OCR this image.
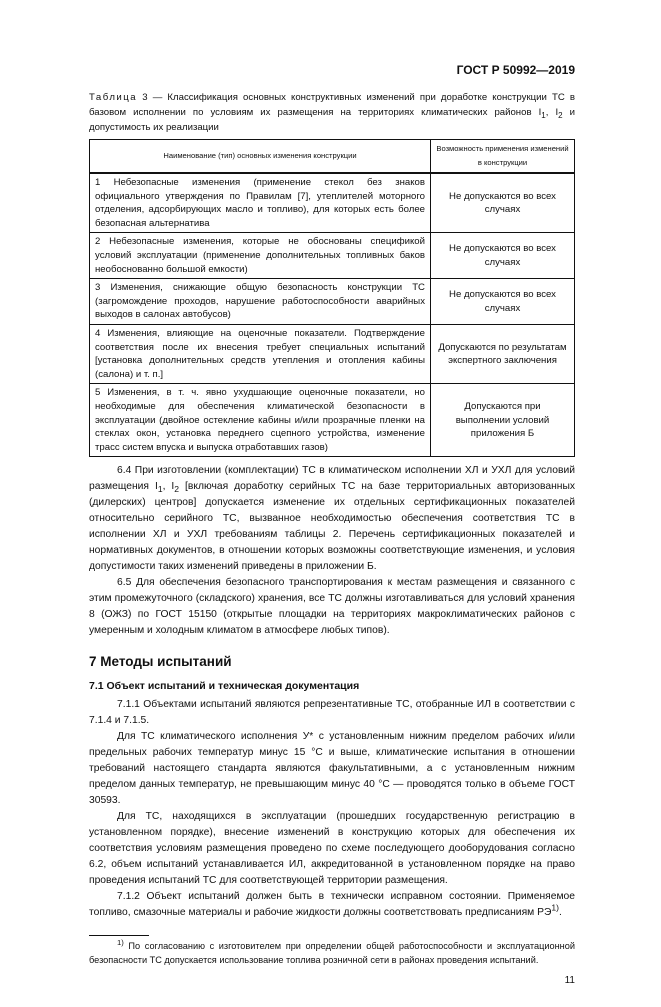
ГОСТ Р 50992—2019
Таблица 3 — Классификация основных конструктивных изменений при доработке конструкции ТС в базовом исполнении по условиям их размещения на территориях климатических районов $I_1$, $I_2$ и допустимость их реализации
Наименование (тип) основных изменения конструкции	Возможность применения изменений в конструкции
1 Небезопасные изменения (применение стекол без знаков официального утверждения по Правилам [7], утеплителей моторного отделения, адсорбирующих масло и топливо), для которых есть более безопасная альтернатива	Не допускаются во всех случаях
2 Небезопасные изменения, которые не обоснованы спецификой условий эксплуатации (применение дополнительных топливных баков необоснованно большой емкости)	Не допускаются во всех случаях
3 Изменения, снижающие общую безопасность конструкции ТС (загромождение проходов, нарушение работоспособности аварийных выходов в салонах автобусов)	Не допускаются во всех случаях
4 Изменения, влияющие на оценочные показатели. Подтверждение соответствия после их внесения требует специальных испытаний [установка дополнительных средств утепления и отопления кабины (салона) и т. п.]	Допускаются по результатам экспертного заключения
5 Изменения, в т. ч. явно ухудшающие оценочные показатели, но необходимые для обеспечения климатической безопасности в эксплуатации (двойное остекление кабины и/или прозрачные пленки на стеклах окон, установка переднего сцепного устройства, изменение трасс систем впуска и выпуска отработавших газов)	Допускаются при выполнении условий приложения Б

6.4 При изготовлении (комплектации) ТС в климатическом исполнении ХЛ и УХЛ для условий размещения $I_1$, $I_2$ [включая доработку серийных ТС на базе территориальных авторизованных (дилерских) центров] допускается изменение их отдельных сертификационных показателей относительно серийного ТС, вызванное необходимостью обеспечения соответствия ТС в исполнении ХЛ и УХЛ требованиям таблицы 2. Перечень сертификационных показателей и нормативных документов, в отношении которых возможны соответствующие изменения, и условия допустимости таких изменений приведены в приложении Б.

6.5 Для обеспечения безопасного транспортирования к местам размещения и связанного с этим промежуточного (складского) хранения, все ТС должны изготавливаться для условий хранения 8 (ОЖЗ) по ГОСТ 15150 (открытые площадки на территориях макроклиматических районов с умеренным и холодным климатом в атмосфере любых типов).

7 Методы испытаний
7.1 Объект испытаний и техническая документация

7.1.1 Объектами испытаний являются репрезентативные ТС, отобранные ИЛ в соответствии с 7.1.4 и 7.1.5.

Для ТС климатического исполнения У* с установленным нижним пределом рабочих и/или предельных рабочих температур минус 15 °С и выше, климатические испытания в отношении требований настоящего стандарта являются факультативными, а с установленным нижним пределом данных температур, не превышающим минус 40 °С — проводятся только в объеме ГОСТ 30593.

Для ТС, находящихся в эксплуатации (прошедших государственную регистрацию в установленном порядке), внесение изменений в конструкцию которых для обеспечения их соответствия условиям размещения проведено по схеме последующего дооборудования согласно 6.2, объем испытаний устанавливается ИЛ, аккредитованной в установленном порядке на право проведения испытаний ТС для соответствующей территории размещения.

7.1.2 Объект испытаний должен быть в технически исправном состоянии. Применяемое топливо, смазочные материалы и рабочие жидкости должны соответствовать предписаниям РЭ$^{1)}$.

$^{1)}$ По согласованию с изготовителем при определении общей работоспособности и эксплуатационной безопасности ТС допускается использование топлива розничной сети в районах проведения испытаний.
11
